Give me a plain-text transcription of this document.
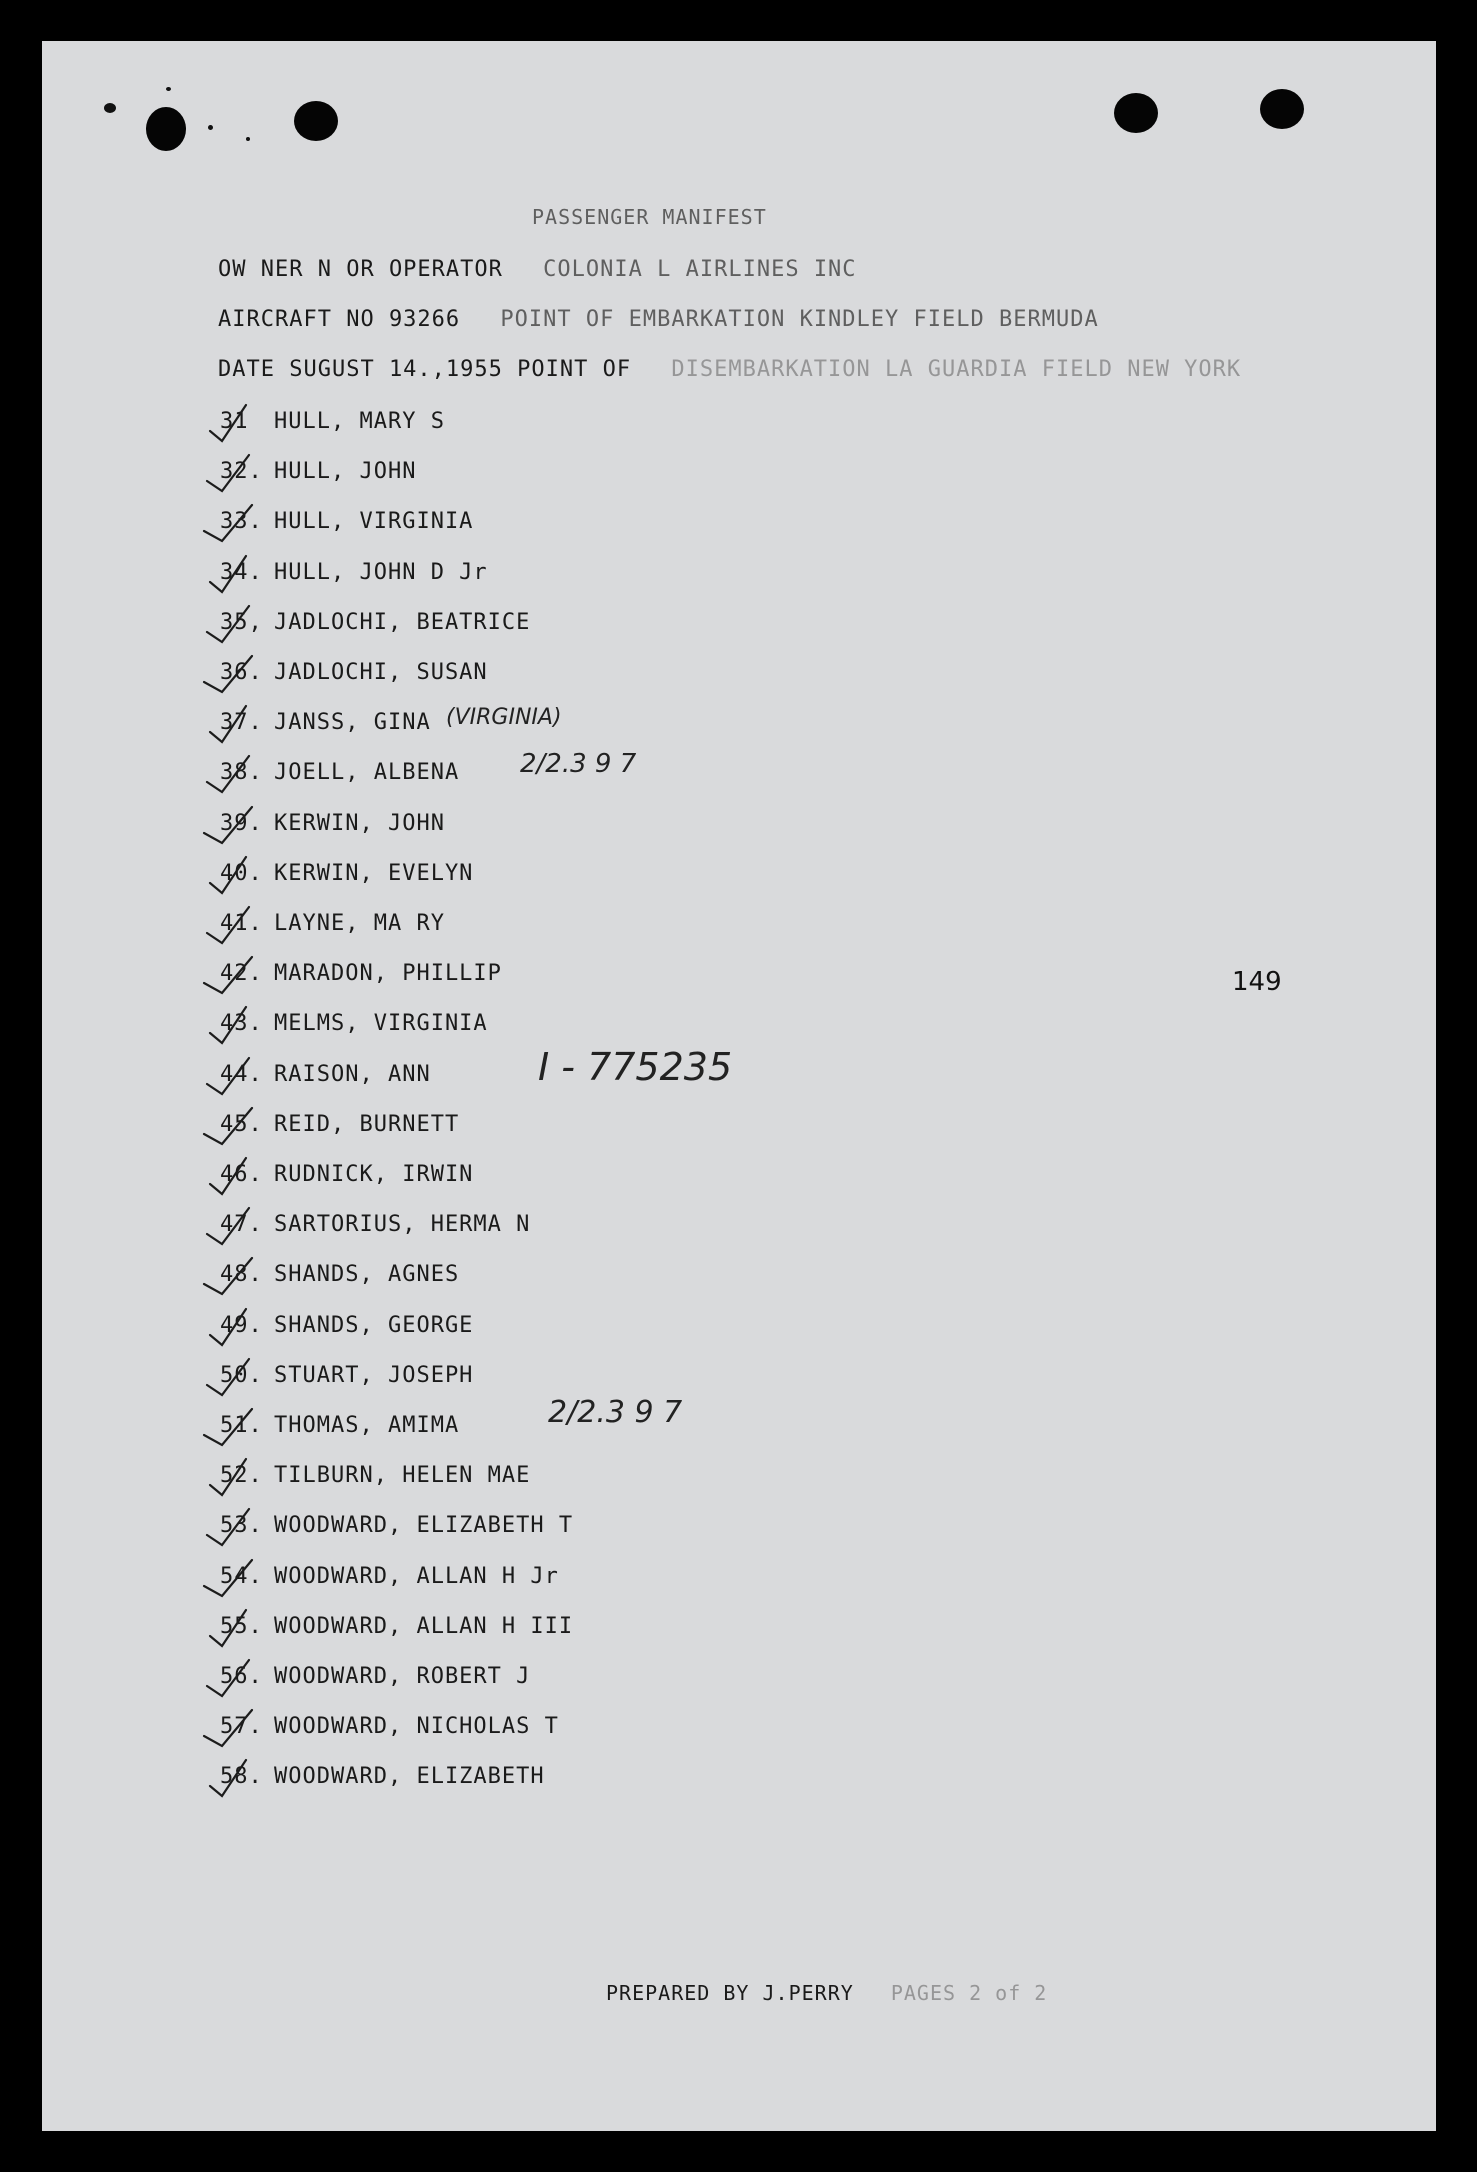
PASSENGER MANIFEST
OW NER N OR OPERATOR COLONIA L AIRLINES INC
AIRCRAFT NO 93266 POINT OF EMBARKATION KINDLEY FIELD BERMUDA
DATE SUGUST 14.,1955 POINT OF DISEMBARKATION LA GUARDIA FIELD NEW YORK
31 HULL, MARY S
32. HULL, JOHN
33. HULL, VIRGINIA
34. HULL, JOHN D Jr
35, JADLOCHI, BEATRICE
36. JADLOCHI, SUSAN
37. JANSS, GINA
38. JOELL, ALBENA
39. KERWIN, JOHN
40. KERWIN, EVELYN
41. LAYNE, MA RY
42. MARADON, PHILLIP
43. MELMS, VIRGINIA
44. RAISON, ANN
45. REID, BURNETT
46. RUDNICK, IRWIN
47. SARTORIUS, HERMA N
48. SHANDS, AGNES
49. SHANDS, GEORGE
50. STUART, JOSEPH
51. THOMAS, AMIMA
52. TILBURN, HELEN MAE
53. WOODWARD, ELIZABETH T
54. WOODWARD, ALLAN H Jr
55. WOODWARD, ALLAN H III
56. WOODWARD, ROBERT J
57. WOODWARD, NICHOLAS T
58. WOODWARD, ELIZABETH
(VIRGINIA)
2/2.3 9 7
I - 775235
2/2.3 9 7
149
PREPARED BY J.PERRY PAGES 2 of 2
